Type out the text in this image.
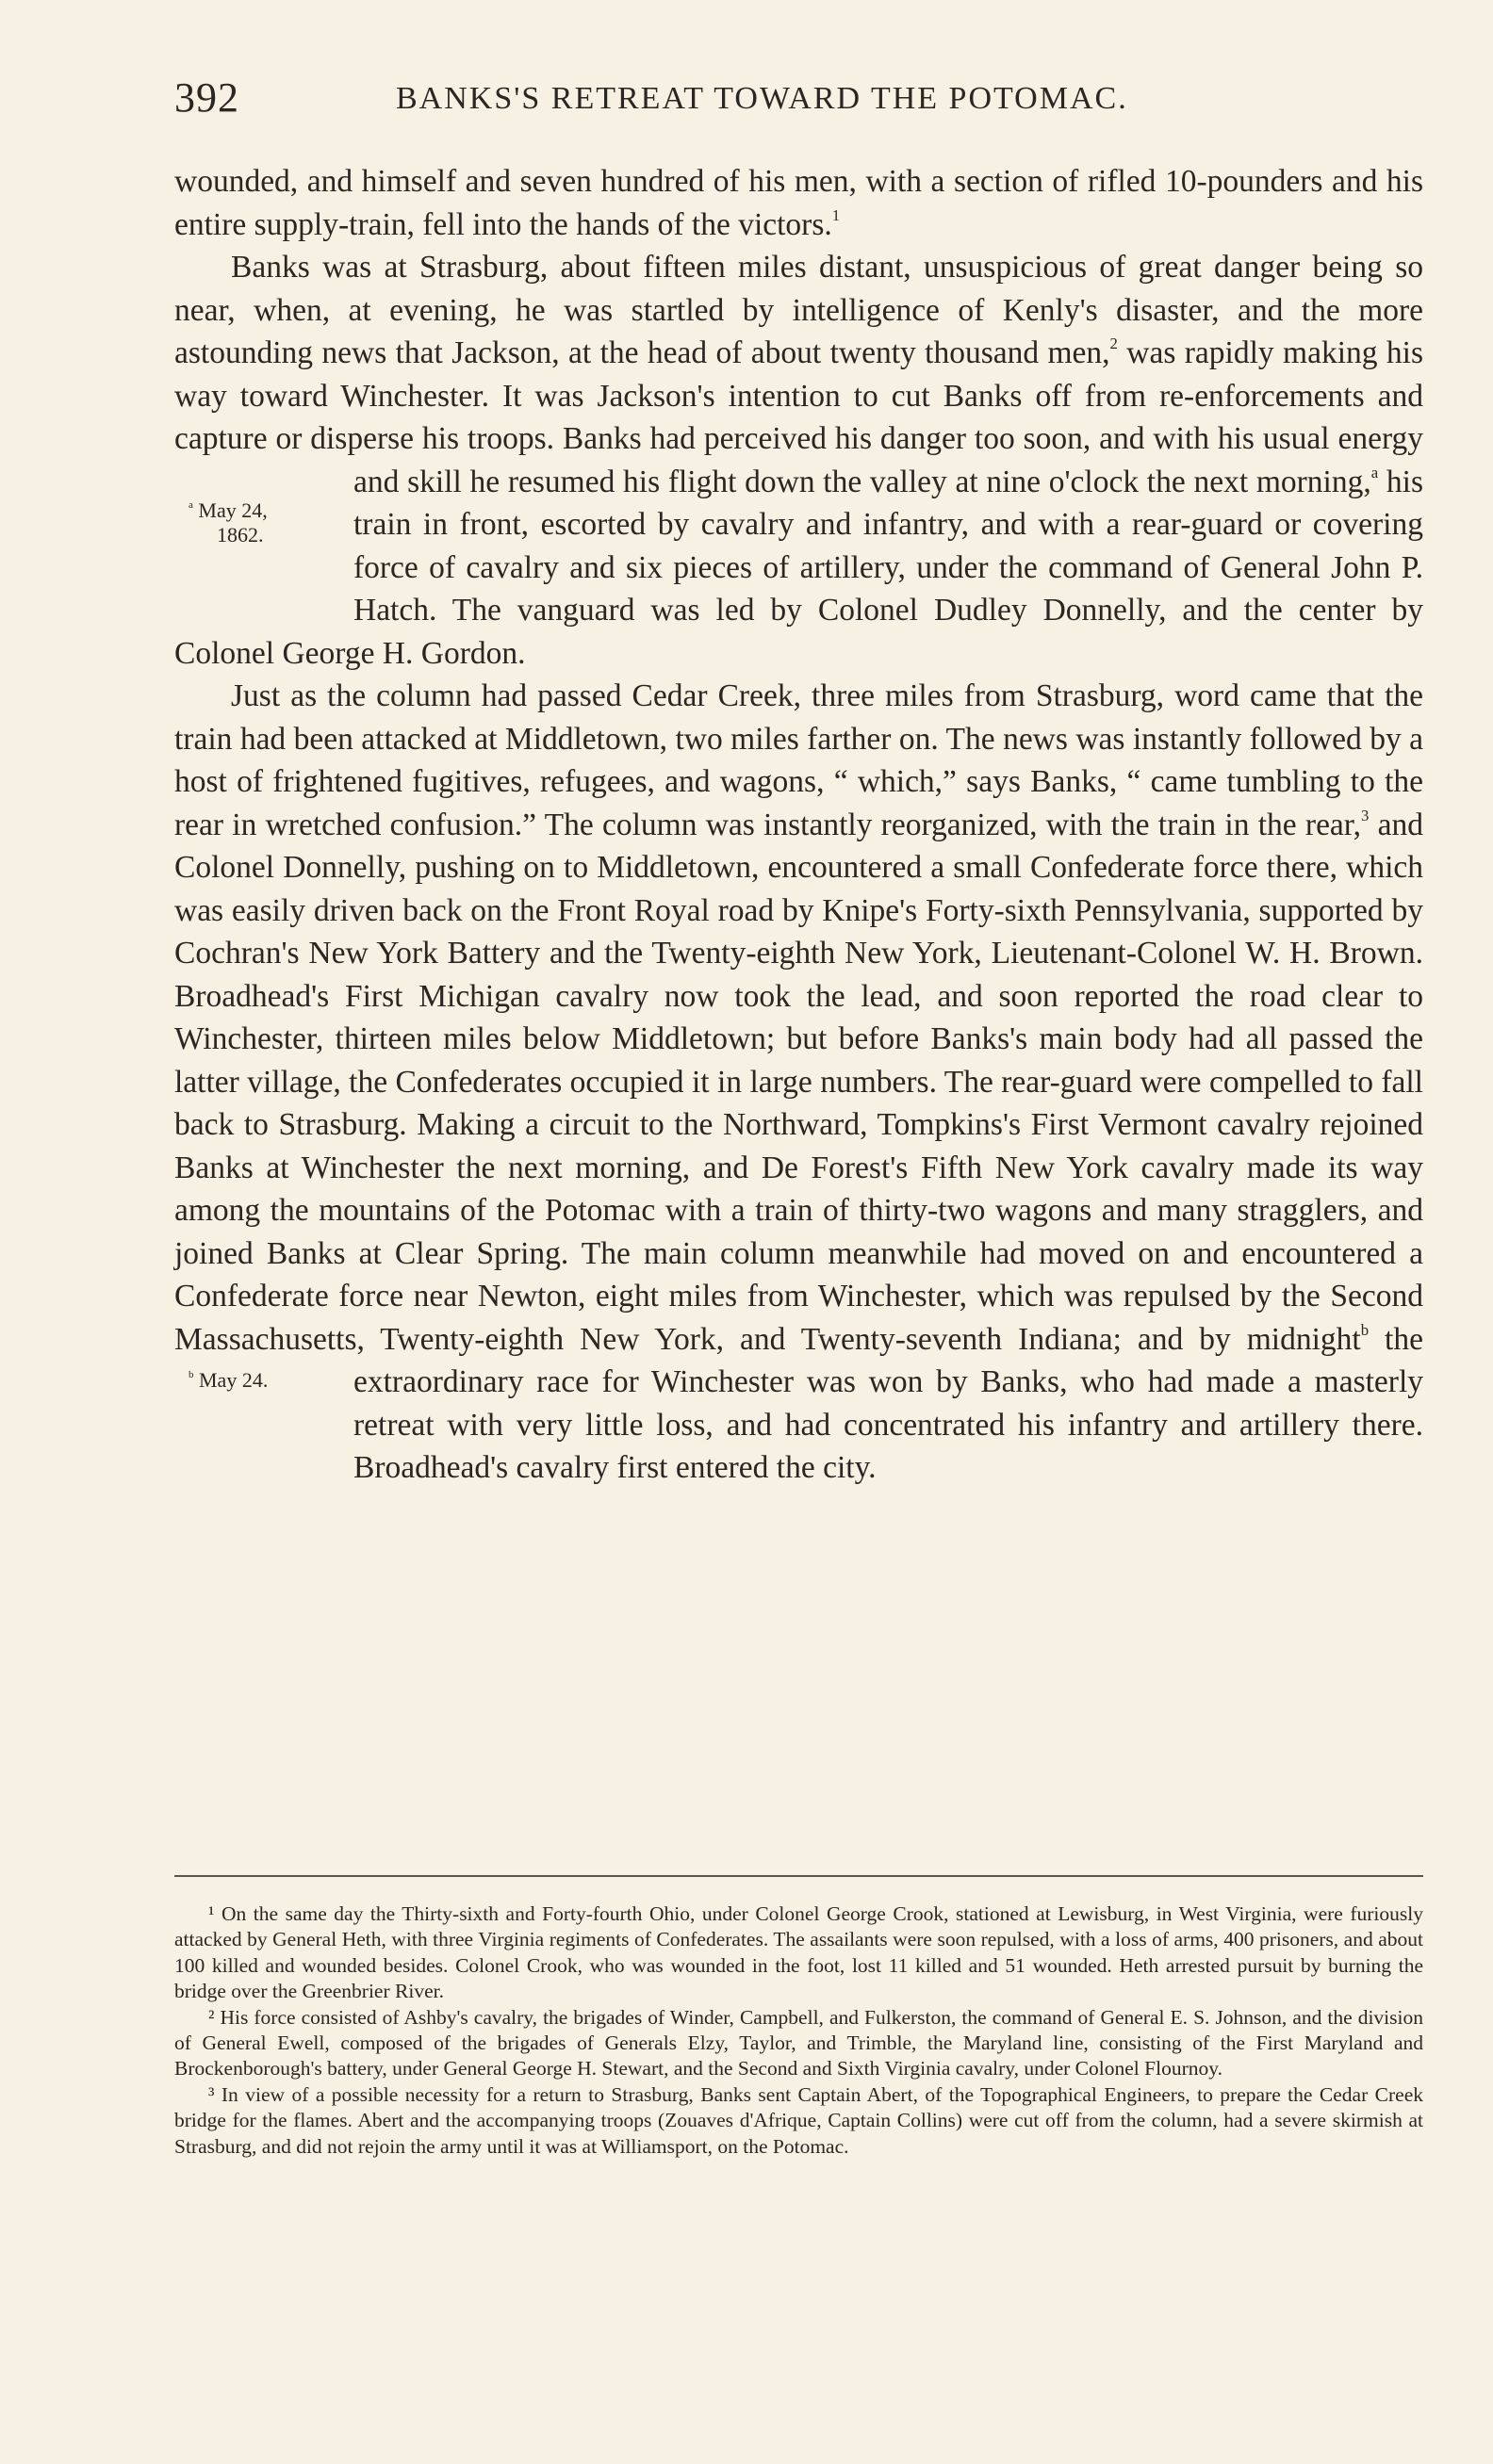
392	BANKS'S RETREAT TOWARD THE POTOMAC.

wounded, and himself and seven hundred of his men, with a section of rifled 10-pounders and his entire supply-train, fell into the hands of the victors.$^1$

Banks was at Strasburg, about fifteen miles distant, unsuspicious of great danger being so near, when, at evening, he was startled by intelligence of Kenly's disaster, and the more astounding news that Jackson, at the head of about twenty thousand men,$^2$ was rapidly making his way toward Winchester. It was Jackson's intention to cut Banks off from re-enforcements and capture or disperse his troops. Banks had perceived his danger too soon, and with his usual energy and skill he resumed his flight down the valley at nine o'clock the next morning,$^a$
$^a$ May 24,
1862.
his train in front, escorted by cavalry and infantry, and with a rear-guard or covering force of cavalry and six pieces of artillery, under the command of General John P. Hatch. The vanguard was led by Colonel Dudley Donnelly, and the center by Colonel George H. Gordon.

Just as the column had passed Cedar Creek, three miles from Strasburg, word came that the train had been attacked at Middletown, two miles farther on. The news was instantly followed by a host of frightened fugitives, refugees, and wagons, “ which,” says Banks, “ came tumbling to the rear in wretched confusion.” The column was instantly reorganized, with the train in the rear,$^3$ and Colonel Donnelly, pushing on to Middletown, encountered a small Confederate force there, which was easily driven back on the Front Royal road by Knipe's Forty-sixth Pennsylvania, supported by Cochran's New York Battery and the Twenty-eighth New York, Lieutenant-Colonel W. H. Brown. Broadhead's First Michigan cavalry now took the lead, and soon reported the road clear to Winchester, thirteen miles below Middletown; but before Banks's main body had all passed the latter village, the Confederates occupied it in large numbers. The rear-guard were compelled to fall back to Strasburg. Making a circuit to the Northward, Tompkins's First Vermont cavalry rejoined Banks at Winchester the next morning, and De Forest's Fifth New York cavalry made its way among the mountains of the Potomac with a train of thirty-two wagons and many stragglers, and joined Banks at Clear Spring. The main column meanwhile had moved on and encountered a Confederate force near Newton, eight miles from Winchester, which was repulsed by the Second Massachusetts, Twenty-eighth New York, and Twenty-seventh Indiana; and by midnight$^b$
$^b$ May 24.
the extraordinary race for Winchester was won by Banks, who had made a masterly retreat with very little loss, and had concentrated his infantry and artillery there. Broadhead's cavalry first entered the city.

¹ On the same day the Thirty-sixth and Forty-fourth Ohio, under Colonel George Crook, stationed at Lewisburg, in West Virginia, were furiously attacked by General Heth, with three Virginia regiments of Confederates. The assailants were soon repulsed, with a loss of arms, 400 prisoners, and about 100 killed and wounded besides. Colonel Crook, who was wounded in the foot, lost 11 killed and 51 wounded. Heth arrested pursuit by burning the bridge over the Greenbrier River.

² His force consisted of Ashby's cavalry, the brigades of Winder, Campbell, and Fulkerston, the command of General E. S. Johnson, and the division of General Ewell, composed of the brigades of Generals Elzy, Taylor, and Trimble, the Maryland line, consisting of the First Maryland and Brockenborough's battery, under General George H. Stewart, and the Second and Sixth Virginia cavalry, under Colonel Flournoy.

³ In view of a possible necessity for a return to Strasburg, Banks sent Captain Abert, of the Topographical Engineers, to prepare the Cedar Creek bridge for the flames. Abert and the accompanying troops (Zouaves d'Afrique, Captain Collins) were cut off from the column, had a severe skirmish at Strasburg, and did not rejoin the army until it was at Williamsport, on the Potomac.
